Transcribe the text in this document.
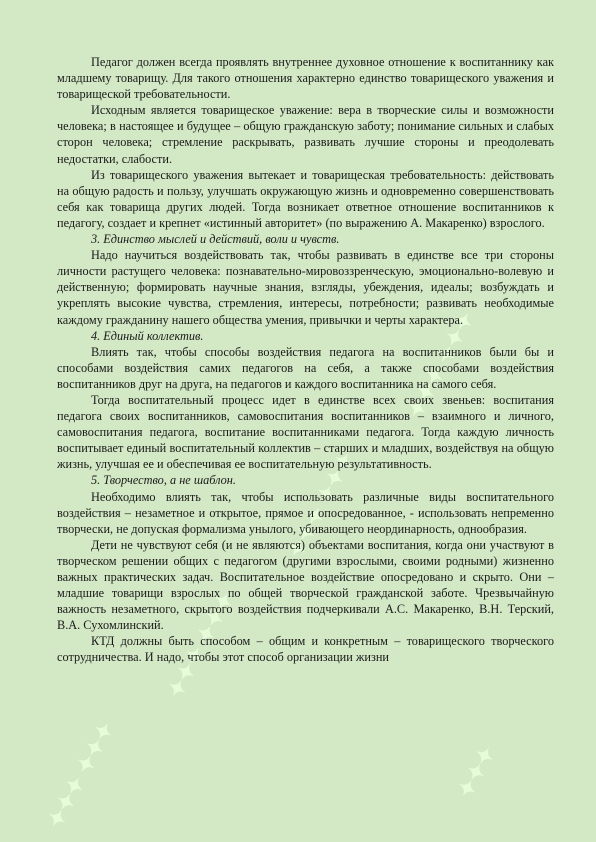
✦✦✦ ✦✦✦
✦✦✦ ✦✦✦
✦✦✦ ✦✦✦
✦✦✦ ✦✦✦
✦✦✦

Педагог должен всегда проявлять внутреннее духовное отношение к воспитаннику как младшему товарищу. Для такого отношения характерно единство товарищеского уважения и товарищеской требовательности.

Исходным является товарищеское уважение: вера в творческие силы и возможности человека; в настоящее и будущее – общую гражданскую заботу; понимание сильных и слабых сторон человека; стремление раскрывать, развивать лучшие стороны и преодолевать недостатки, слабости.

Из товарищеского уважения вытекает и товарищеская требовательность: действовать на общую радость и пользу, улучшать окружающую жизнь и одновременно совершенствовать себя как товарища других людей. Тогда возникает ответное отношение воспитанников к педагогу, создает и крепнет «истинный авторитет» (по выражению А. Макаренко) взрослого.

3. Единство мыслей и действий, воли и чувств.

Надо научиться воздействовать так, чтобы развивать в единстве все три стороны личности растущего человека: познавательно-мировоззренческую, эмоционально-волевую и действенную; формировать научные знания, взгляды, убеждения, идеалы; возбуждать и укреплять высокие чувства, стремления, интересы, потребности; развивать необходимые каждому гражданину нашего общества умения, привычки и черты характера.

4. Единый коллектив.

Влиять так, чтобы способы воздействия педагога на воспитанников были бы и способами воздействия самих педагогов на себя, а также способами воздействия воспитанников друг на друга, на педагогов и каждого воспитанника на самого себя.

Тогда воспитательный процесс идет в единстве всех своих звеньев: воспитания педагога своих воспитанников, самовоспитания воспитанников – взаимного и личного, самовоспитания педагога, воспитание воспитанниками педагога. Тогда каждую личность воспитывает единый воспитательный коллектив – старших и младших, воздействуя на общую жизнь, улучшая ее и обеспечивая ее воспитательную результативность.

5. Творчество, а не шаблон.

Необходимо влиять так, чтобы использовать различные виды воспитательного воздействия – незаметное и открытое, прямое и опосредованное, - использовать непременно творчески, не допуская формализма унылого, убивающего неординарность, однообразия.

Дети не чувствуют себя (и не являются) объектами воспитания, когда они участвуют в творческом решении общих с педагогом (другими взрослыми, своими родными) жизненно важных практических задач. Воспитательное воздействие опосредовано и скрыто. Они – младшие товарищи взрослых по общей творческой гражданской заботе. Чрезвычайную важность незаметного, скрытого воздействия подчеркивали А.С. Макаренко, В.Н. Терский, В.А. Сухомлинский.

КТД должны быть способом – общим и конкретным – товарищеского творческого сотрудничества. И надо, чтобы этот способ организации жизни
